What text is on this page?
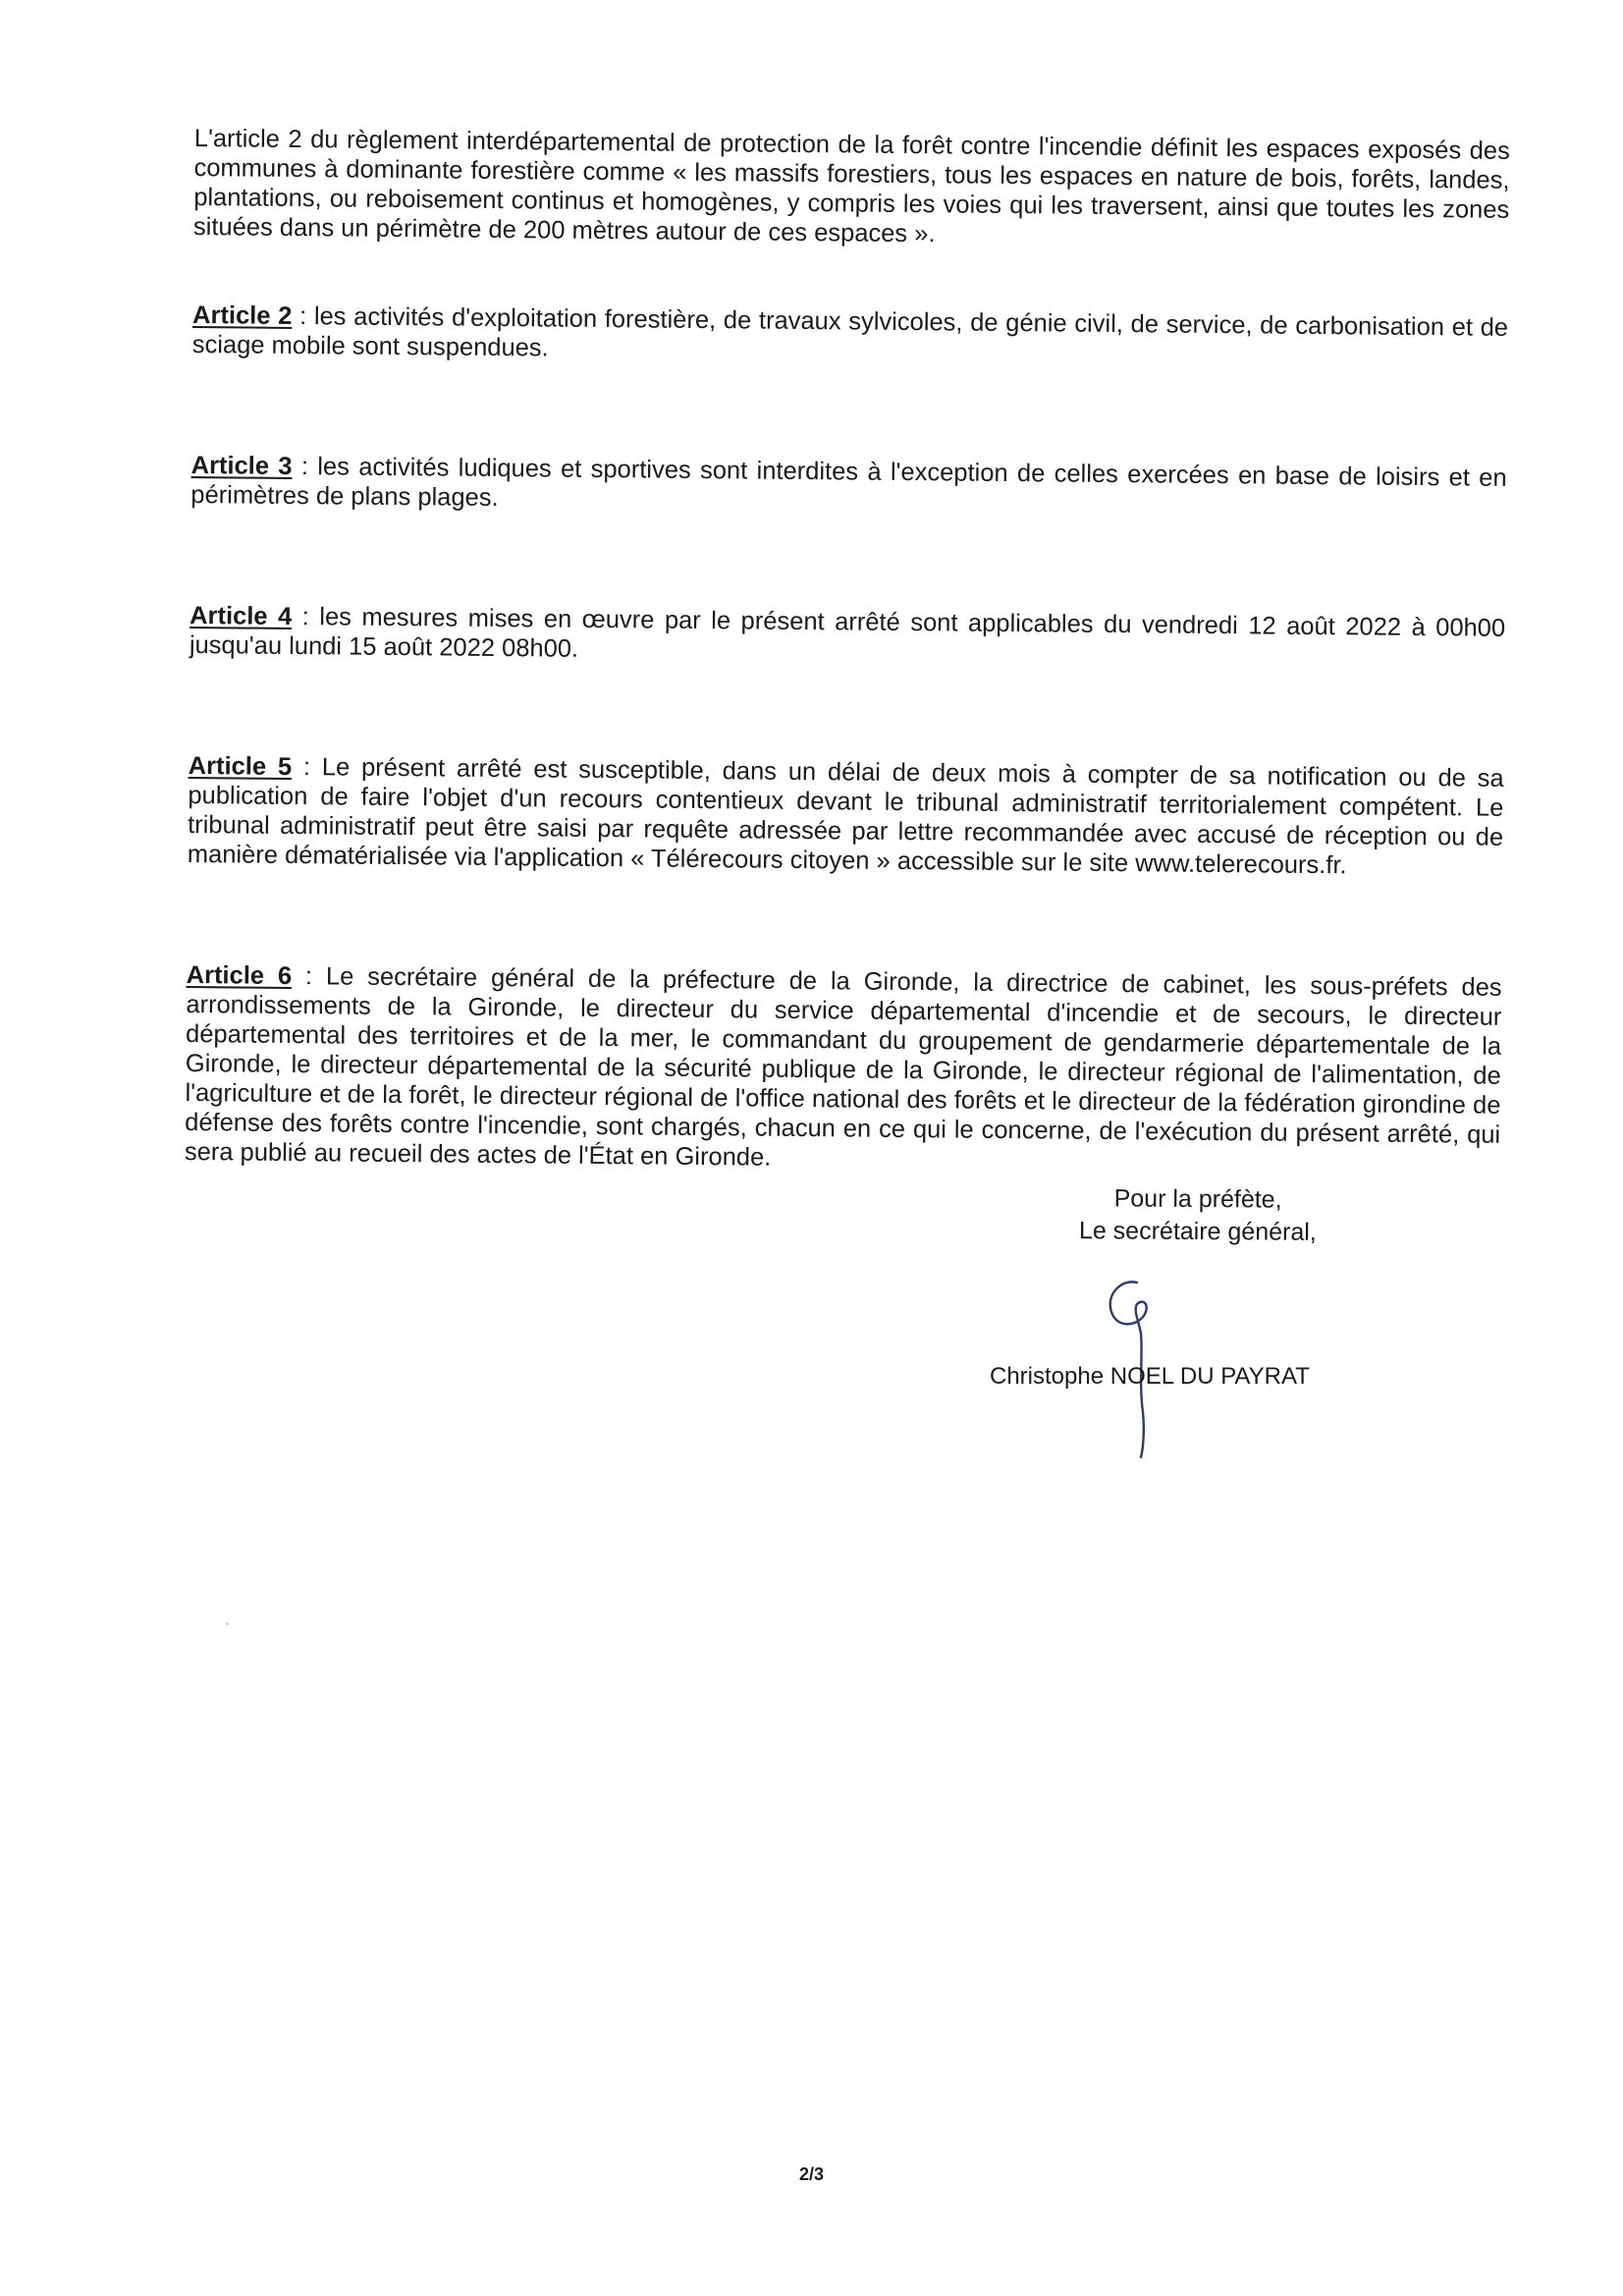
L'article 2 du règlement interdépartemental de protection de la forêt contre l'incendie définit les espaces exposés des communes à dominante forestière comme « les massifs forestiers, tous les espaces en nature de bois, forêts, landes, plantations, ou reboisement continus et homogènes, y compris les voies qui les traversent, ainsi que toutes les zones situées dans un périmètre de 200 mètres autour de ces espaces ».

Article 2 : les activités d'exploitation forestière, de travaux sylvicoles, de génie civil, de service, de carbonisation et de sciage mobile sont suspendues.

Article 3 : les activités ludiques et sportives sont interdites à l'exception de celles exercées en base de loisirs et en périmètres de plans plages.

Article 4 : les mesures mises en œuvre par le présent arrêté sont applicables du vendredi 12 août 2022 à 00h00 jusqu'au lundi 15 août 2022 08h00.

Article 5 : Le présent arrêté est susceptible, dans un délai de deux mois à compter de sa notification ou de sa publication de faire l'objet d'un recours contentieux devant le tribunal administratif territorialement compétent. Le tribunal administratif peut être saisi par requête adressée par lettre recommandée avec accusé de réception ou de manière dématérialisée via l'application « Télérecours citoyen » accessible sur le site www.telerecours.fr.

Article 6 : Le secrétaire général de la préfecture de la Gironde, la directrice de cabinet, les sous-préfets des arrondissements de la Gironde, le directeur du service départemental d'incendie et de secours, le directeur départemental des territoires et de la mer, le commandant du groupement de gendarmerie départementale de la Gironde, le directeur départemental de la sécurité publique de la Gironde, le directeur régional de l'alimentation, de l'agriculture et de la forêt, le directeur régional de l'office national des forêts et le directeur de la fédération girondine de défense des forêts contre l'incendie, sont chargés, chacun en ce qui le concerne, de l'exécution du présent arrêté, qui sera publié au recueil des actes de l'État en Gironde.

Pour la préfète,
Le secrétaire général,
Christophe NOEL DU PAYRAT
2/3
